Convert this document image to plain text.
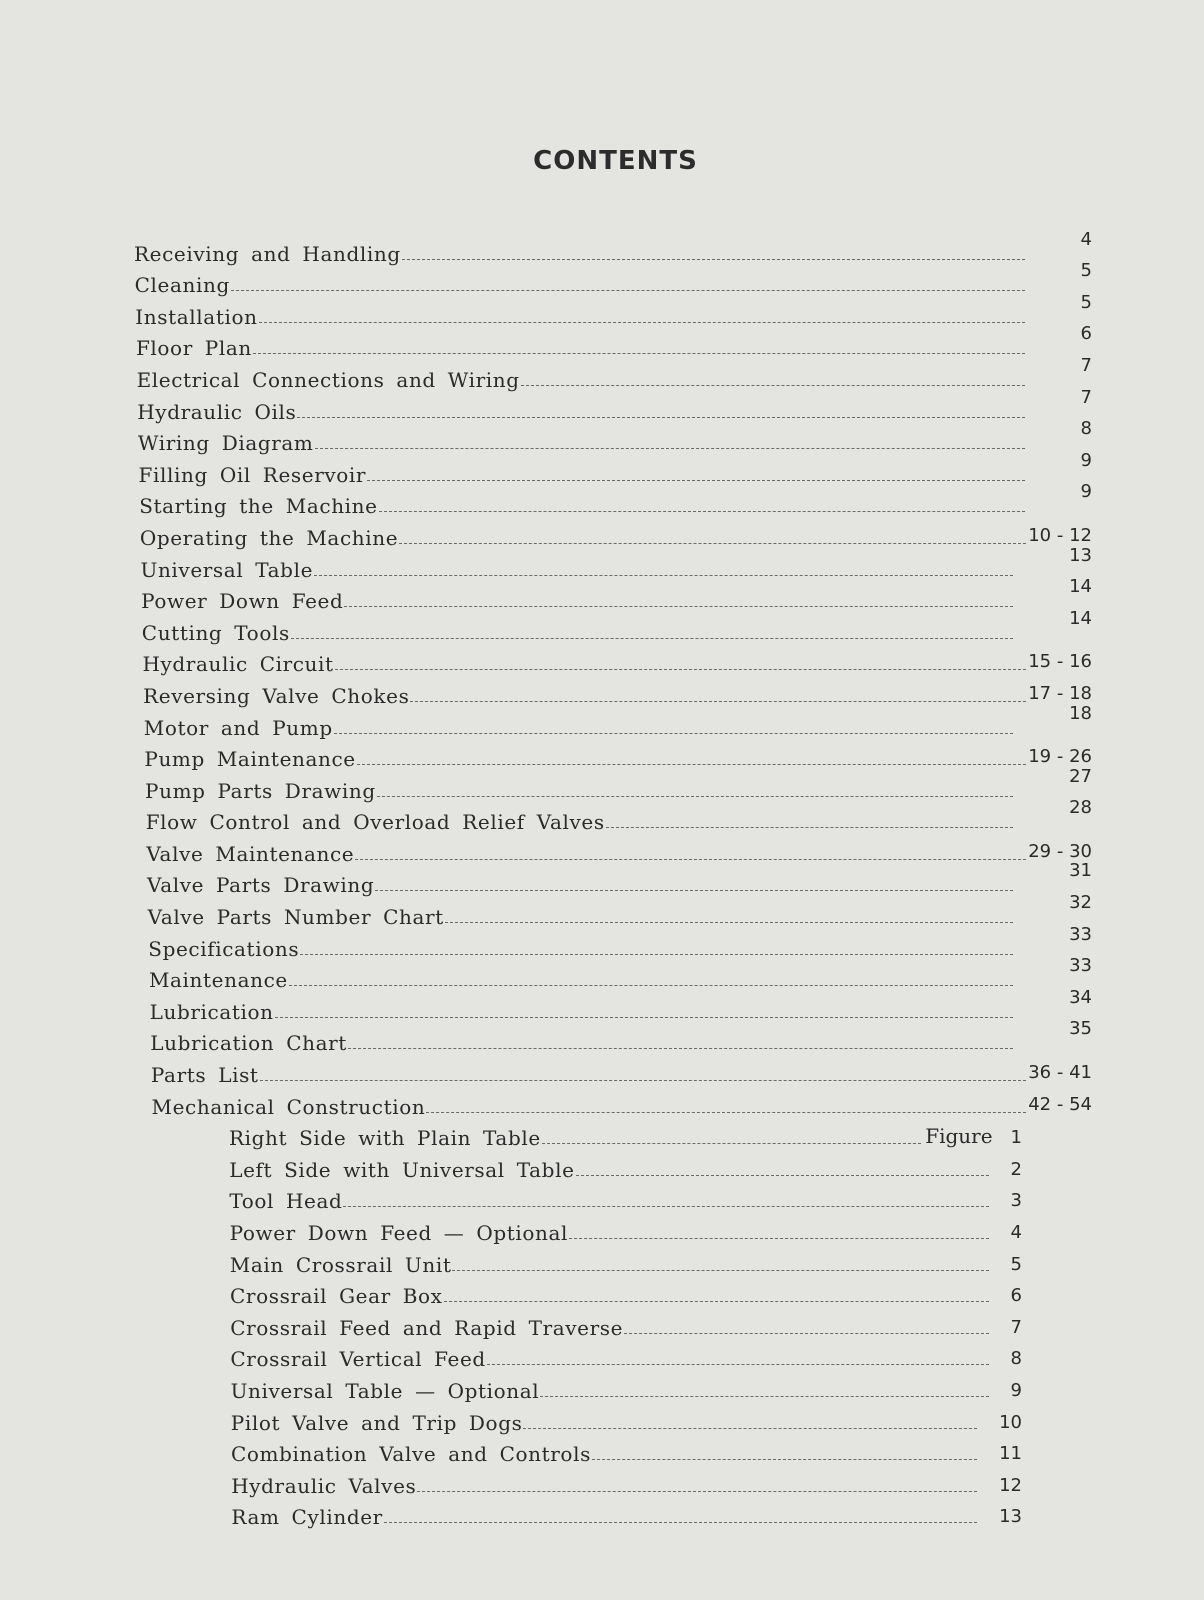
CONTENTS
Receiving and Handling
4
Cleaning
5
Installation
5
Floor Plan
6
Electrical Connections and Wiring
7
Hydraulic Oils
7
Wiring Diagram
8
Filling Oil Reservoir
9
Starting the Machine
9
Operating the Machine	10 - 12
Universal Table
13
Power Down Feed
14
Cutting Tools
14
Hydraulic Circuit	15 - 16
Reversing Valve Chokes	17 - 18
Motor and Pump
18
Pump Maintenance	19 - 26
Pump Parts Drawing
27
Flow Control and Overload Relief Valves
28
Valve Maintenance	29 - 30
Valve Parts Drawing
31
Valve Parts Number Chart
32
Specifications
33
Maintenance
33
Lubrication
34
Lubrication Chart
35
Parts List	36 - 41
Mechanical Construction	42 - 54
Right Side with Plain Table	Figure 1
Left Side with Universal Table	2
Tool Head	3
Power Down Feed — Optional	4
Main Crossrail Unit	5
Crossrail Gear Box	6
Crossrail Feed and Rapid Traverse	7
Crossrail Vertical Feed	8
Universal Table — Optional	9
Pilot Valve and Trip Dogs	10
Combination Valve and Controls	11
Hydraulic Valves	12
Ram Cylinder	13
